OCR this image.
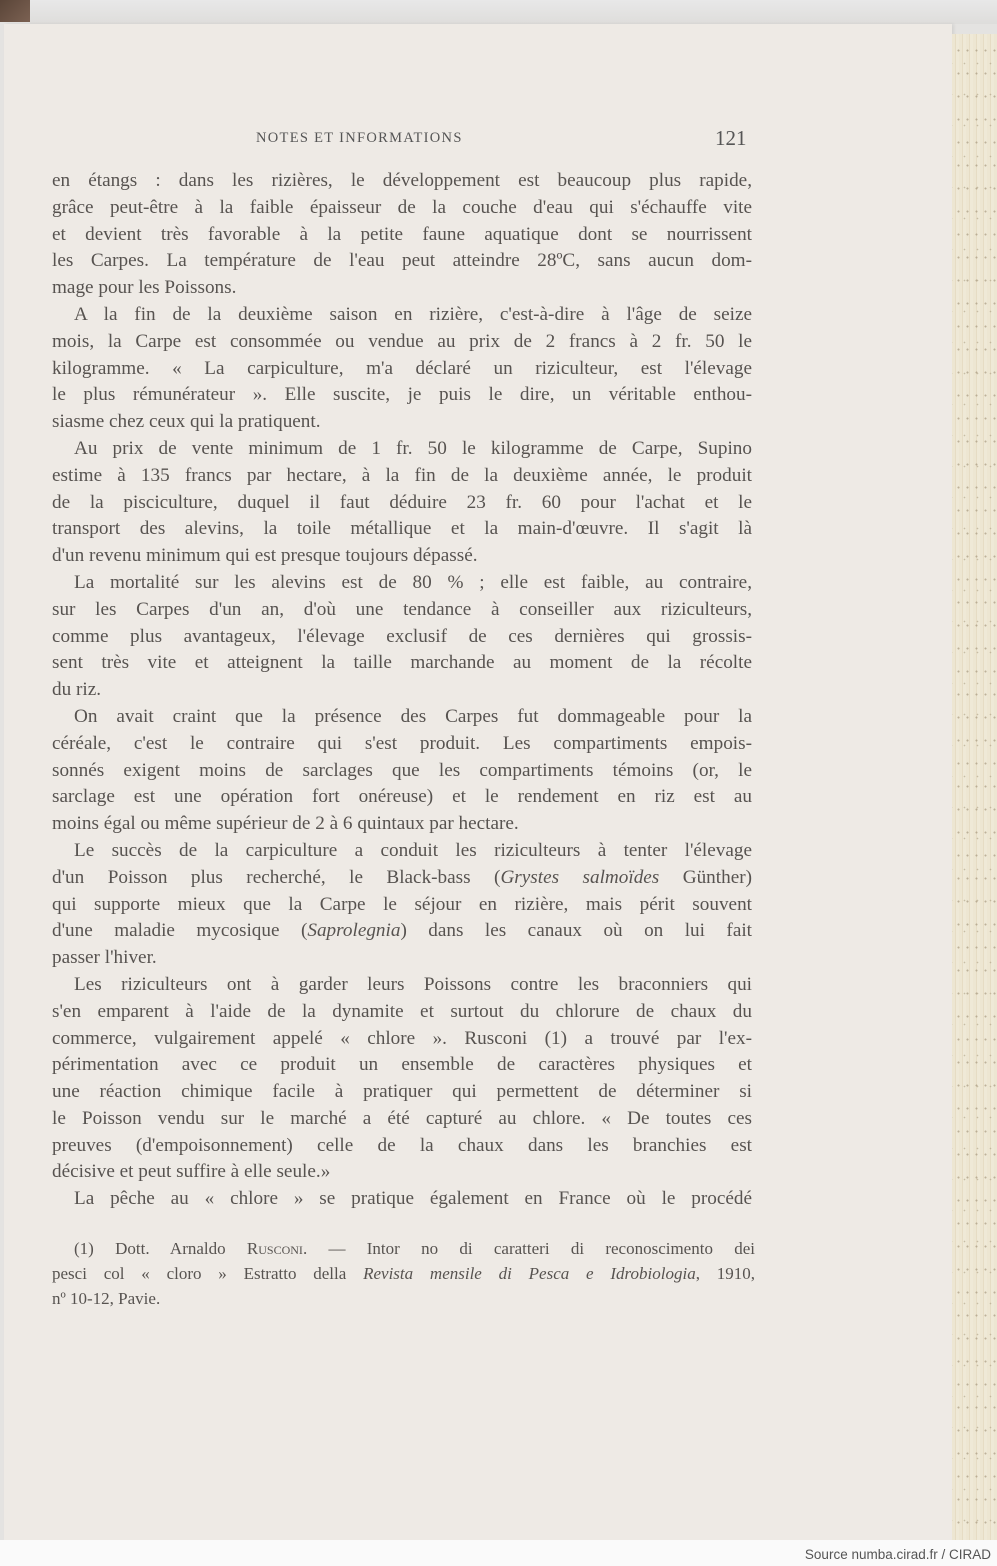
NOTES ET INFORMATIONS	121
en étangs : dans les rizières, le développement est beaucoup plus rapide,
grâce peut-être à la faible épaisseur de la couche d'eau qui s'échauffe vite
et devient très favorable à la petite faune aquatique dont se nourrissent
les Carpes. La température de l'eau peut atteindre 28ºC, sans aucun dom-
mage pour les Poissons.
A la fin de la deuxième saison en rizière, c'est-à-dire à l'âge de seize
mois, la Carpe est consommée ou vendue au prix de 2 francs à 2 fr. 50 le
kilogramme. « La carpiculture, m'a déclaré un riziculteur, est l'élevage
le plus rémunérateur ». Elle suscite, je puis le dire, un véritable enthou-
siasme chez ceux qui la pratiquent.
Au prix de vente minimum de 1 fr. 50 le kilogramme de Carpe, Supino
estime à 135 francs par hectare, à la fin de la deuxième année, le produit
de la pisciculture, duquel il faut déduire 23 fr. 60 pour l'achat et le
transport des alevins, la toile métallique et la main-d'œuvre. Il s'agit là
d'un revenu minimum qui est presque toujours dépassé.
La mortalité sur les alevins est de 80 % ; elle est faible, au contraire,
sur les Carpes d'un an, d'où une tendance à conseiller aux riziculteurs,
comme plus avantageux, l'élevage exclusif de ces dernières qui grossis-
sent très vite et atteignent la taille marchande au moment de la récolte
du riz.
On avait craint que la présence des Carpes fut dommageable pour la
céréale, c'est le contraire qui s'est produit. Les compartiments empois-
sonnés exigent moins de sarclages que les compartiments témoins (or, le
sarclage est une opération fort onéreuse) et le rendement en riz est au
moins égal ou même supérieur de 2 à 6 quintaux par hectare.
Le succès de la carpiculture a conduit les riziculteurs à tenter l'élevage
d'un Poisson plus recherché, le Black-bass (Grystes salmoïdes Günther)
qui supporte mieux que la Carpe le séjour en rizière, mais périt souvent
d'une maladie mycosique (Saprolegnia) dans les canaux où on lui fait
passer l'hiver.
Les riziculteurs ont à garder leurs Poissons contre les braconniers qui
s'en emparent à l'aide de la dynamite et surtout du chlorure de chaux du
commerce, vulgairement appelé « chlore ». Rusconi (1) a trouvé par l'ex-
périmentation avec ce produit un ensemble de caractères physiques et
une réaction chimique facile à pratiquer qui permettent de déterminer si
le Poisson vendu sur le marché a été capturé au chlore. « De toutes ces
preuves (d'empoisonnement) celle de la chaux dans les branchies est
décisive et peut suffire à elle seule.»
La pêche au « chlore » se pratique également en France où le procédé
(1) Dott. Arnaldo Rusconi. — Intor no di caratteri di reconoscimento dei
pesci col « cloro » Estratto della Revista mensile di Pesca e Idrobiologia, 1910,
nº 10-12, Pavie.
Source numba.cirad.fr / CIRAD
